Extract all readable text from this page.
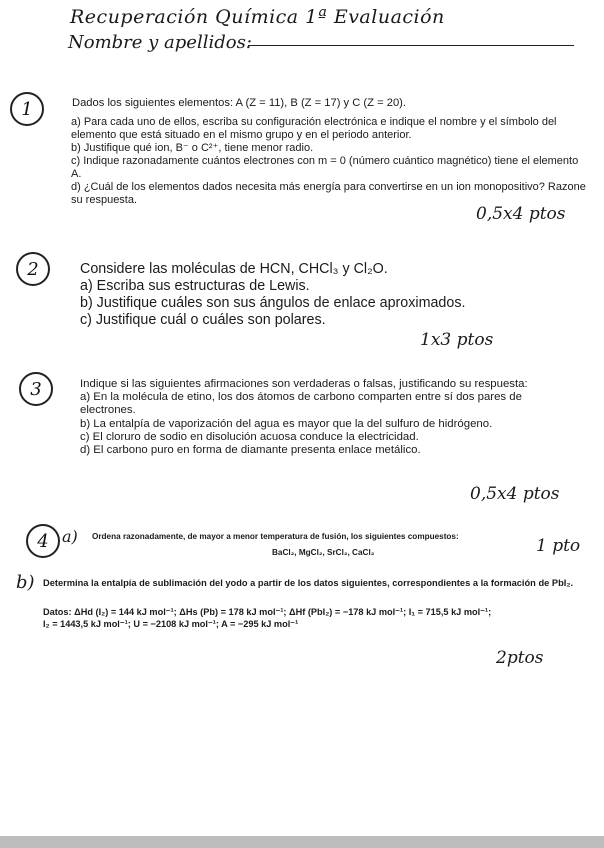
Recuperación Química 1ª Evaluación
Nombre y apellidos:
1	Dados los siguientes elementos: A (Z = 11), B (Z = 17) y C (Z = 20).

a) Para cada uno de ellos, escriba su configuración electrónica e indique el nombre y el símbolo del elemento que está situado en el mismo grupo y en el periodo anterior.

b) Justifique qué ion, B⁻ o C²⁺, tiene menor radio.

c) Indique razonadamente cuántos electrones con m = 0 (número cuántico magnético) tiene el elemento A.

d) ¿Cuál de los elementos dados necesita más energía para convertirse en un ion monopositivo? Razone su respuesta.

0,5x4 ptos
2	Considere las moléculas de HCN, CHCl₃ y Cl₂O.

a) Escriba sus estructuras de Lewis.

b) Justifique cuáles son sus ángulos de enlace aproximados.

c) Justifique cuál o cuáles son polares.

1x3 ptos
3	Indique si las siguientes afirmaciones son verdaderas o falsas, justificando su respuesta:

a) En la molécula de etino, los dos átomos de carbono comparten entre sí dos pares de electrones.

b) La entalpía de vaporización del agua es mayor que la del sulfuro de hidrógeno.

c) El cloruro de sodio en disolución acuosa conduce la electricidad.

d) El carbono puro en forma de diamante presenta enlace metálico.

0,5x4 ptos
4 a) Ordena razonadamente, de mayor a menor temperatura de fusión, los siguientes compuestos:
BaCl₂, MgCl₂, SrCl₂, CaCl₂	1 pto
b) Determina la entalpía de sublimación del yodo a partir de los datos siguientes, correspondientes a la formación de PbI₂.

Datos: ΔHd (I₂) = 144 kJ mol⁻¹; ΔHs (Pb) = 178 kJ mol⁻¹; ΔHf (PbI₂) = −178 kJ mol⁻¹; I₁ = 715,5 kJ mol⁻¹;

I₂ = 1443,5 kJ mol⁻¹; U = −2108 kJ mol⁻¹; A = −295 kJ mol⁻¹

2ptos
